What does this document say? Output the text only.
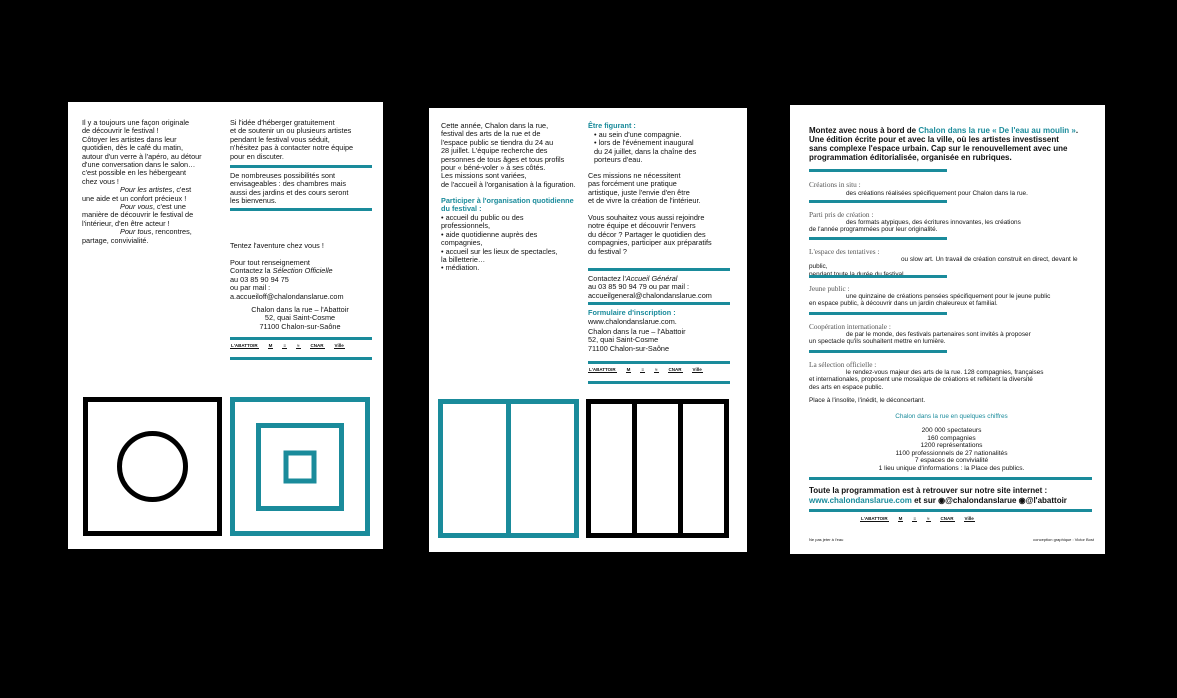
Il y a toujours une façon originale
de découvrir le festival !
Côtoyer les artistes dans leur
quotidien, dès le café du matin,
autour d'un verre à l'apéro, au détour
d'une conversation dans le salon…
c'est possible en les hébergeant
chez vous !
Pour les artistes, c'est
une aide et un confort précieux !
Pour vous, c'est une
manière de découvrir le festival de
l'intérieur, d'en être acteur !
Pour tous, rencontres,
partage, convivialité.
Si l'idée d'héberger gratuitement
et de soutenir un ou plusieurs artistes
pendant le festival vous séduit,
n'hésitez pas à contacter notre équipe
pour en discuter.
De nombreuses possibilités sont
envisageables : des chambres mais
aussi des jardins et des cours seront
les bienvenus.
Tentez l'aventure chez vous !
Pour tout renseignement
Contactez la Sélection Officielle
au 03 85 90 94 75
ou par mail :
a.accueiloff@chalondanslarue.com
Chalon dans la rue – l'Abattoir
52, quai Saint-Cosme
71100 Chalon-sur-Saône
L'ABATTOIR M ≡ ≈ CNAR Ville
Cette année, Chalon dans la rue,
festival des arts de la rue et de
l'espace public se tiendra du 24 au
28 juillet. L'équipe recherche des
personnes de tous âges et tous profils
pour « béné-voler » à ses côtés.
Les missions sont variées,
de l'accueil à l'organisation à la figuration.
Participer à l'organisation quotidienne
du festival :
• accueil du public ou des
professionnels,
• aide quotidienne auprès des
compagnies,
• accueil sur les lieux de spectacles,
la billetterie…
• médiation.
Être figurant :
• au sein d'une compagnie.
• lors de l'événement inaugural
du 24 juillet, dans la chaîne des
porteurs d'eau.
Ces missions ne nécessitent
pas forcément une pratique
artistique, juste l'envie d'en être
et de vivre la création de l'intérieur.
Vous souhaitez vous aussi rejoindre
notre équipe et découvrir l'envers
du décor ? Partager le quotidien des
compagnies, participer aux préparatifs
du festival ?
Contactez l'Accueil Général
au 03 85 90 94 79 ou par mail :
accueilgeneral@chalondanslarue.com
Formulaire d'inscription :
www.chalondanslarue.com.
Chalon dans la rue – l'Abattoir
52, quai Saint-Cosme
71100 Chalon-sur-Saône
L'ABATTOIR M ≡ ≈ CNAR Ville
Montez avec nous à bord de Chalon dans la rue « De l'eau au moulin ».
Une édition écrite pour et avec la ville, où les artistes investissent
sans complexe l'espace urbain. Cap sur le renouvellement avec une
programmation éditorialisée, organisée en rubriques.
Créations in situ :
des créations réalisées spécifiquement pour Chalon dans la rue.
Parti pris de création :
des formats atypiques, des écritures innovantes, les créations
de l'année programmées pour leur originalité.
L'espace des tentatives :
ou slow art. Un travail de création construit en direct, devant le public,

Jeune public :
une quinzaine de créations pensées spécifiquement pour le jeune public
en espace public, à découvrir dans un jardin chaleureux et familial.
Coopération internationale :
de par le monde, des festivals partenaires sont invités à proposer
un spectacle qu'ils souhaitent mettre en lumière.
La sélection officielle :
le rendez-vous majeur des arts de la rue. 128 compagnies, françaises
et internationales, proposent une mosaïque de créations et reflètent la diversité
des arts en espace public.
Place à l'insolite, l'inédit, le déconcertant.
Chalon dans la rue en quelques chiffres
200 000 spectateurs
160 compagnies
1200 représentations
1100 professionnels de 27 nationalités
7 espaces de convivialité
1 lieu unique d'informations : la Place des publics.
Toute la programmation est à retrouver sur notre site internet :
www.chalondanslarue.com et sur ◉@chalondanslarue ◉@l'abattoir
L'ABATTOIR M ≡ ≈ CNAR Ville
Ne pas jeter à l'eau	conception graphique : Victor Bost
